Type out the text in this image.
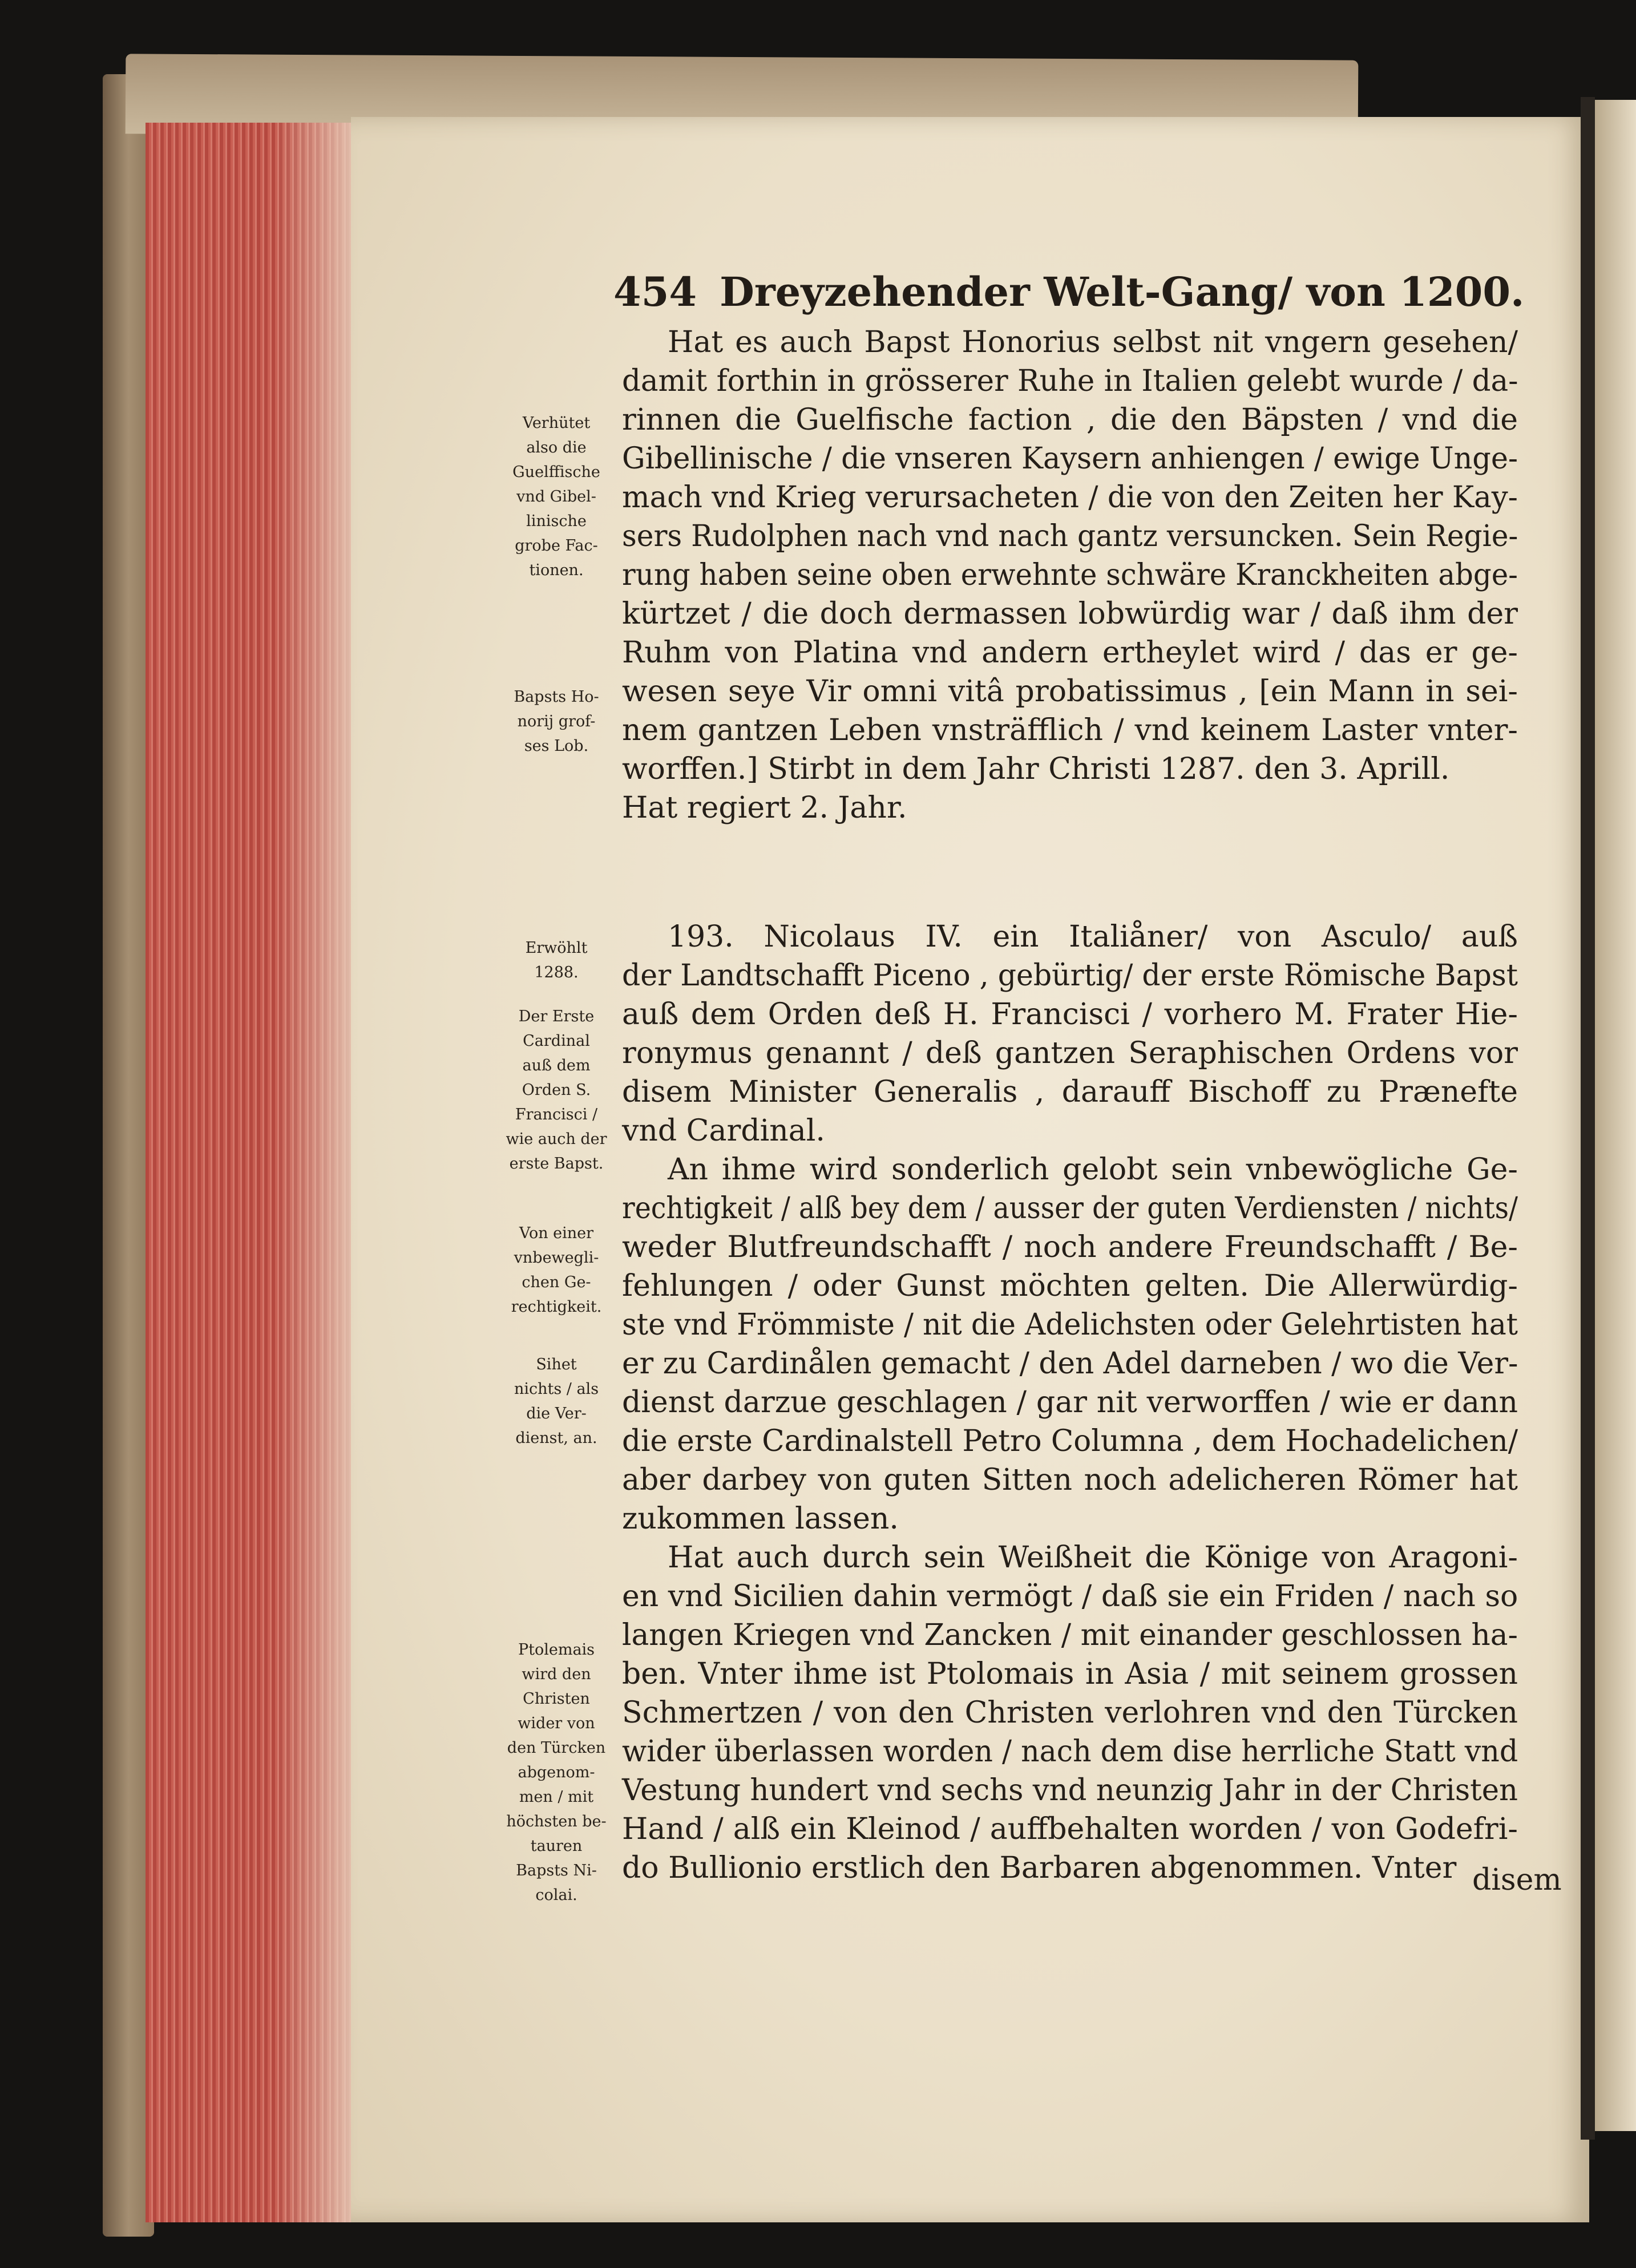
454 Dreyzehender Welt-Gang/ von 1200.
Hat es auch Bapst Honorius selbst nit vngern gesehen/
damit forthin in grösserer Ruhe in Italien gelebt wurde / da-
rinnen die Guelfische faction , die den Bäpsten / vnd die
Gibellinische / die vnseren Kaysern anhiengen / ewige Unge-
mach vnd Krieg verursacheten / die von den Zeiten her Kay-
sers Rudolphen nach vnd nach gantz versuncken. Sein Regie-
rung haben seine oben erwehnte schwäre Kranckheiten abge-
kürtzet / die doch dermassen lobwürdig war / daß ihm der
Ruhm von Platina vnd andern ertheylet wird / das er ge-
wesen seye Vir omni vitâ probatissimus , [ein Mann in sei-
nem gantzen Leben vnsträfflich / vnd keinem Laster vnter-
worffen.] Stirbt in dem Jahr Christi 1287. den 3. Aprill.
Hat regiert 2. Jahr.
193. Nicolaus IV. ein Italiåner/ von Asculo/ auß
der Landtschafft Piceno , gebürtig/ der erste Römische Bapst
auß dem Orden deß H. Francisci / vorhero M. Frater Hie-
ronymus genannt / deß gantzen Seraphischen Ordens vor
disem Minister Generalis , darauff Bischoff zu Prænefte
vnd Cardinal.
An ihme wird sonderlich gelobt sein vnbewögliche Ge-
rechtigkeit / alß bey dem / ausser der guten Verdiensten / nichts/
weder Blutfreundschafft / noch andere Freundschafft / Be-
fehlungen / oder Gunst möchten gelten. Die Allerwürdig-
ste vnd Frömmiste / nit die Adelichsten oder Gelehrtisten hat
er zu Cardinålen gemacht / den Adel darneben / wo die Ver-
dienst darzue geschlagen / gar nit verworffen / wie er dann
die erste Cardinalstell Petro Columna , dem Hochadelichen/
aber darbey von guten Sitten noch adelicheren Römer hat
zukommen lassen.
Hat auch durch sein Weißheit die Könige von Aragoni-
en vnd Sicilien dahin vermögt / daß sie ein Friden / nach so
langen Kriegen vnd Zancken / mit einander geschlossen ha-
ben. Vnter ihme ist Ptolomais in Asia / mit seinem grossen
Schmertzen / von den Christen verlohren vnd den Türcken
wider überlassen worden / nach dem dise herrliche Statt vnd
Vestung hundert vnd sechs vnd neunzig Jahr in der Christen
Hand / alß ein Kleinod / auffbehalten worden / von Godefri-
do Bullionio erstlich den Barbaren abgenommen. Vnter disem
Verhütet
also die
Guelffische
vnd Gibel-
linische
grobe Fac-
tionen.
Bapsts Ho-
norij grof-
ses Lob.
Erwöhlt
1288.
Der Erste
Cardinal
auß dem
Orden S.
Francisci /
wie auch der
erste Bapst.
Von einer
vnbewegli-
chen Ge-
rechtigkeit.
Sihet
nichts / als
die Ver-
dienst, an.
Ptolemais
wird den
Christen
wider von
den Türcken
abgenom-
men / mit
höchsten be-
tauren
Bapsts Ni-
colai.
